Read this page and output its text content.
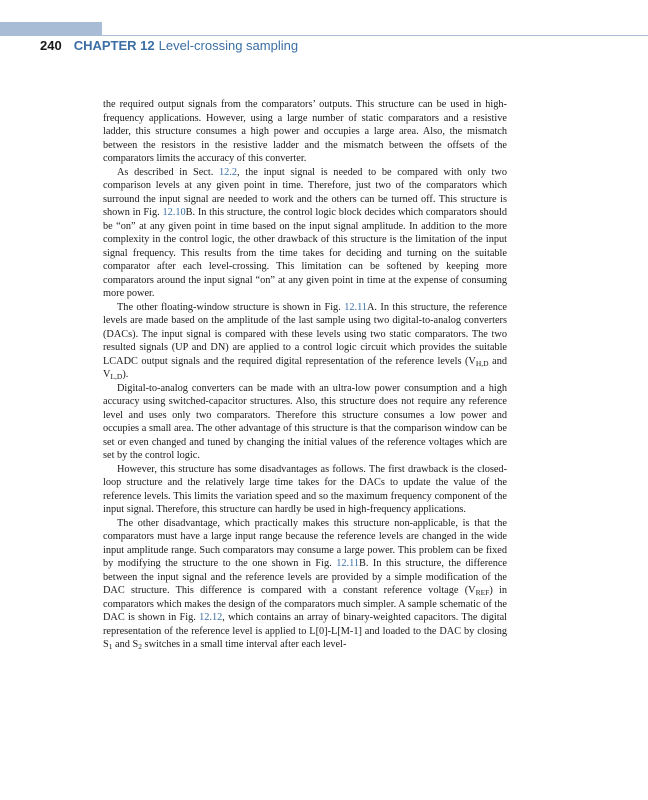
240 CHAPTER 12 Level-crossing sampling

the required output signals from the comparators’ outputs. This structure can be used in high-frequency applications. However, using a large number of static comparators and a resistive ladder, this structure consumes a high power and occupies a large area. Also, the mismatch between the resistors in the resistive ladder and the mismatch between the offsets of the comparators limits the accuracy of this converter.

As described in Sect. 12.2, the input signal is needed to be compared with only two comparison levels at any given point in time. Therefore, just two of the comparators which surround the input signal are needed to work and the others can be turned off. This structure is shown in Fig. 12.10B. In this structure, the control logic block decides which comparators should be “on” at any given point in time based on the input signal amplitude. In addition to the more complexity in the control logic, the other drawback of this structure is the limitation of the input signal frequency. This results from the time takes for deciding and turning on the suitable comparator after each level-crossing. This limitation can be softened by keeping more comparators around the input signal “on” at any given point in time at the expense of consuming more power.

The other floating-window structure is shown in Fig. 12.11A. In this structure, the reference levels are made based on the amplitude of the last sample using two digital-to-analog converters (DACs). The input signal is compared with these levels using two static comparators. The two resulted signals (UP and DN) are applied to a control logic circuit which provides the suitable LCADC output signals and the required digital representation of the reference levels ($V_{H,D}$ and $V_{L,D}$).

Digital-to-analog converters can be made with an ultra-low power consumption and a high accuracy using switched-capacitor structures. Also, this structure does not require any reference level and uses only two comparators. Therefore this structure consumes a low power and occupies a small area. The other advantage of this structure is that the comparison window can be set or even changed and tuned by changing the initial values of the reference voltages which are set by the control logic.

However, this structure has some disadvantages as follows. The first drawback is the closed-loop structure and the relatively large time takes for the DACs to update the value of the reference levels. This limits the variation speed and so the maximum frequency component of the input signal. Therefore, this structure can hardly be used in high-frequency applications.

The other disadvantage, which practically makes this structure non-applicable, is that the comparators must have a large input range because the reference levels are changed in the wide input amplitude range. Such comparators may consume a large power. This problem can be fixed by modifying the structure to the one shown in Fig. 12.11B. In this structure, the difference between the input signal and the reference levels are provided by a simple modification of the DAC structure. This difference is compared with a constant reference voltage $(V_{REF})$ in comparators which makes the design of the comparators much simpler. A sample schematic of the DAC is shown in Fig. 12.12, which contains an array of binary-weighted capacitors. The digital representation of the reference level is applied to L[0]-L[M-1] and loaded to the DAC by closing $S_1$ and $S_2$ switches in a small time interval after each level-
